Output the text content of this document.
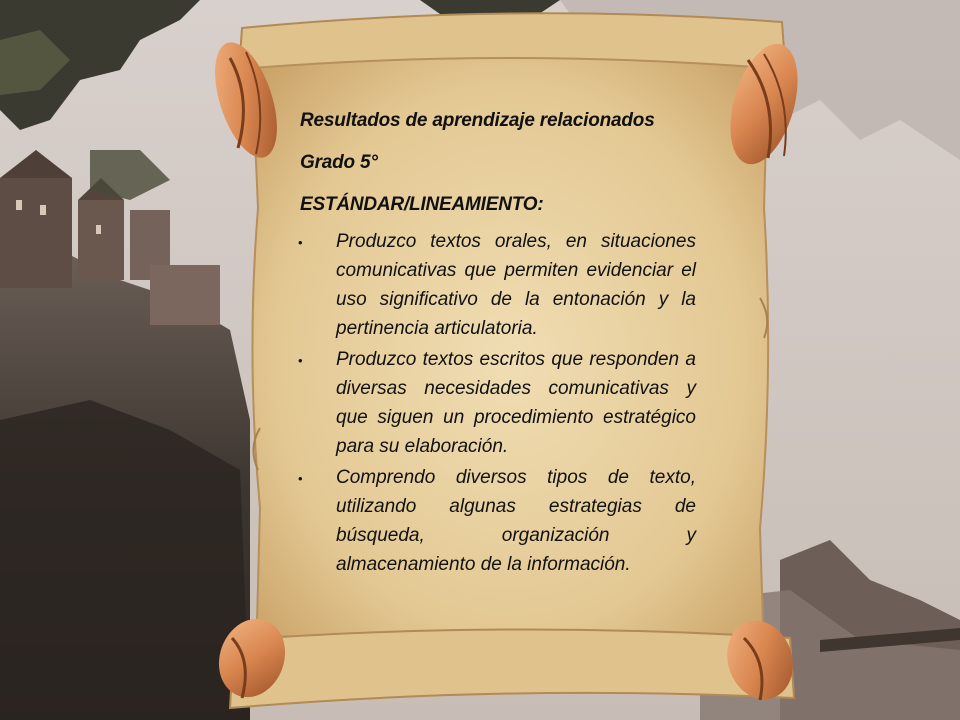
Resultados de aprendizaje relacionados
Grado 5°
ESTÁNDAR/LINEAMIENTO:
• Produzco textos orales, en situaciones comunicativas que permiten evidenciar el uso significativo de la entonación y la pertinencia articulatoria.
• Produzco textos escritos que responden a diversas necesidades comunicativas y que siguen un procedimiento estratégico para su elaboración.
• Comprendo diversos tipos de texto, utilizando algunas estrategias de búsqueda, organización y almacenamiento de la información.
